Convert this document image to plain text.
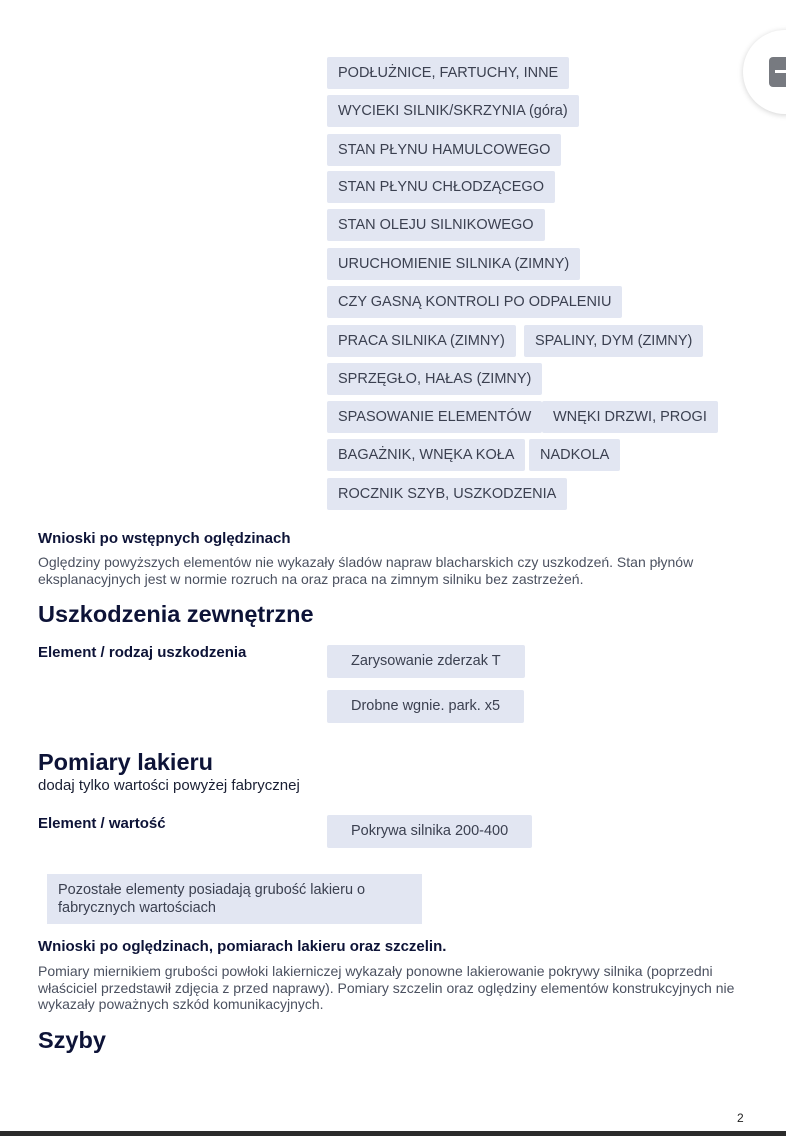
PODŁUŻNICE, FARTUCHY, INNE
WYCIEKI SILNIK/SKRZYNIA (góra)
STAN PŁYNU HAMULCOWEGO
STAN PŁYNU CHŁODZĄCEGO
STAN OLEJU SILNIKOWEGO
URUCHOMIENIE SILNIKA (ZIMNY)
CZY GASNĄ KONTROLI PO ODPALENIU
PRACA SILNIKA (ZIMNY)	SPALINY, DYM (ZIMNY)
SPRZĘGŁO, HAŁAS (ZIMNY)
SPASOWANIE ELEMENTÓW	WNĘKI DRZWI, PROGI
BAGAŻNIK, WNĘKA KOŁA	NADKOLA
ROCZNIK SZYB, USZKODZENIA
Wnioski po wstępnych oględzinach
Oględziny powyższych elementów nie wykazały śladów napraw blacharskich czy uszkodzeń. Stan płynów eksplanacyjnych jest w normie rozruch na oraz praca na zimnym silniku bez zastrzeżeń.
Uszkodzenia zewnętrzne
Element / rodzaj uszkodzenia	Zarysowanie zderzak T
Drobne wgnie. park. x5
Pomiary lakieru
dodaj tylko wartości powyżej fabrycznej
Element / wartość	Pokrywa silnika 200-400
Pozostałe elementy posiadają grubość lakieru o fabrycznych wartościach
Wnioski po oględzinach, pomiarach lakieru oraz szczelin.
Pomiary miernikiem grubości powłoki lakierniczej wykazały ponowne lakierowanie pokrywy silnika (poprzedni właściciel przedstawił zdjęcia z przed naprawy). Pomiary szczelin oraz oględziny elementów konstrukcyjnych nie wykazały poważnych szkód komunikacyjnych.
Szyby
2
